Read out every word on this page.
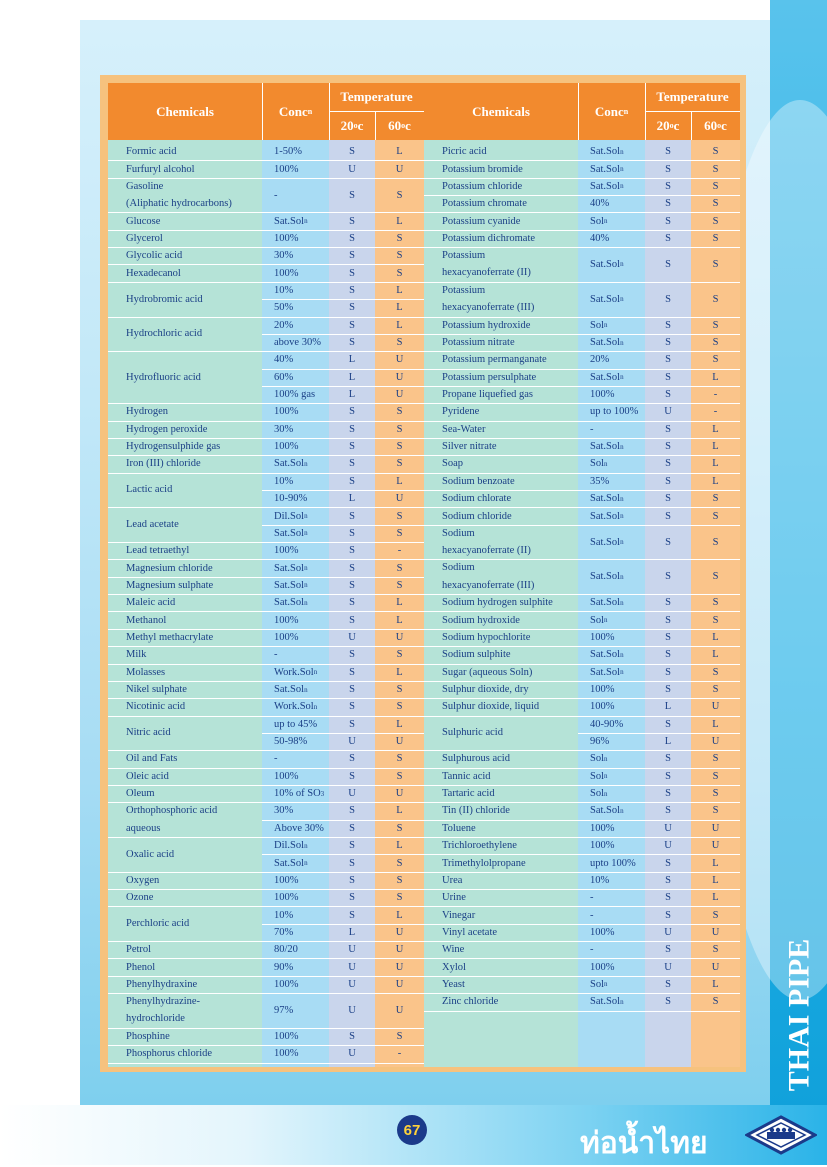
Chemicals	Conc n
Temperature
20 o c	60 o c
Formic acid	1-50%	S	L
Furfuryl alcohol	100%	U	U
Gasoline
(Aliphatic hydrocarbons)
-	S	S
Glucose	Sat.Sol n	S	L
Glycerol	100%	S	S
Glycolic acid	30%	S	S
Hexadecanol	100%	S	S
Hydrobromic acid
10%	S	L
50%	S	L
Hydrochloric acid
20%	S	L
above 30%	S	S
Hydrofluoric acid
40%	L	U
60%	L	U
100% gas	L	U
Hydrogen	100%	S	S
Hydrogen peroxide	30%	S	S
Hydrogensulphide gas	100%	S	S
Iron (III) chloride	Sat.Sol n	S	S
Lactic acid
10%	S	L
10-90%	L	U
Lead acetate
Dil.Sol n	S	S
Sat.Sol n	S	S
Lead tetraethyl	100%	S	-
Magnesium chloride	Sat.Sol n	S	S
Magnesium sulphate	Sat.Sol n	S	S
Maleic acid	Sat.Sol n	S	L
Methanol	100%	S	L
Methyl methacrylate	100%	U	U
Milk	-	S	S
Molasses	Work.Sol n	S	L
Nikel sulphate	Sat.Sol n	S	S
Nicotinic acid	Work.Sol n	S	S
Nitric acid
up to 45%	S	L
50-98%	U	U
Oil and Fats	-	S	S
Oleic acid	100%	S	S
Oleum	10% of SO 3	U	U
Orthophosphoric acid
aqueous
30%	S	L
Above 30%	S	S
Oxalic acid
Dil.Sol n	S	L
Sat.Sol n	S	S
Oxygen	100%	S	S
Ozone	100%	S	S
Perchloric acid
10%	S	L
70%	L	U
Petrol	80/20	U	U
Phenol	90%	U	U
Phenylhydraxine	100%	U	U
Phenylhydrazine-
hydrochloride
97%	U	U
Phosphine	100%	S	S
Phosphorus chloride	100%	U	-
Chemicals	Conc n
Temperature
20 o c	60 o c
Picric acid	Sat.Sol n	S	S
Potassium bromide	Sat.Sol n	S	S
Potassium chloride	Sat.Sol n	S	S
Potassium chromate	40%	S	S
Potassium cyanide	Sol n	S	S
Potassium dichromate	40%	S	S
Potassium
hexacyanoferrate (II)
Sat.Sol n	S	S
Potassium
hexacyanoferrate (III)
Sat.Sol n	S	S
Potassium hydroxide	Sol n	S	S
Potassium nitrate	Sat.Sol n	S	S
Potassium permanganate	20%	S	S
Potassium persulphate	Sat.Sol n	S	L
Propane liquefied gas	100%	S	-
Pyridene	up to 100%	U	-
Sea-Water	-	S	L
Silver nitrate	Sat.Sol n	S	L
Soap	Sol n	S	L
Sodium benzoate	35%	S	L
Sodium chlorate	Sat.Sol n	S	S
Sodium chloride	Sat.Sol n	S	S
Sodium
hexacyanoferrate (II)
Sat.Sol n	S	S
Sodium
hexacyanoferrate (III)
Sat.Sol n	S	S
Sodium hydrogen sulphite	Sat.Sol n	S	S
Sodium hydroxide	Sol n	S	S
Sodium hypochlorite	100%	S	L
Sodium sulphite	Sat.Sol n	S	L
Sugar (aqueous Soln)	Sat.Sol n	S	S
Sulphur dioxide, dry	100%	S	S
Sulphur dioxide, liquid	100%	L	U
Sulphuric acid
40-90%	S	L
96%	L	U
Sulphurous acid	Sol n	S	S
Tannic acid	Sol n	S	S
Tartaric acid	Sol n	S	S
Tin (II) chloride	Sat.Sol n	S	S
Toluene	100%	U	U
Trichloroethylene	100%	U	U
Trimethylolpropane	upto 100%	S	L
Urea	10%	S	L
Urine	-	S	L
Vinegar	-	S	S
Vinyl acetate	100%	U	U
Wine	-	S	S
Xylol	100%	U	U
Yeast	Sol n	S	L
Zinc chloride	Sat.Sol n	S	S
67
THAI PIPE
ท่อน้ำไทย
